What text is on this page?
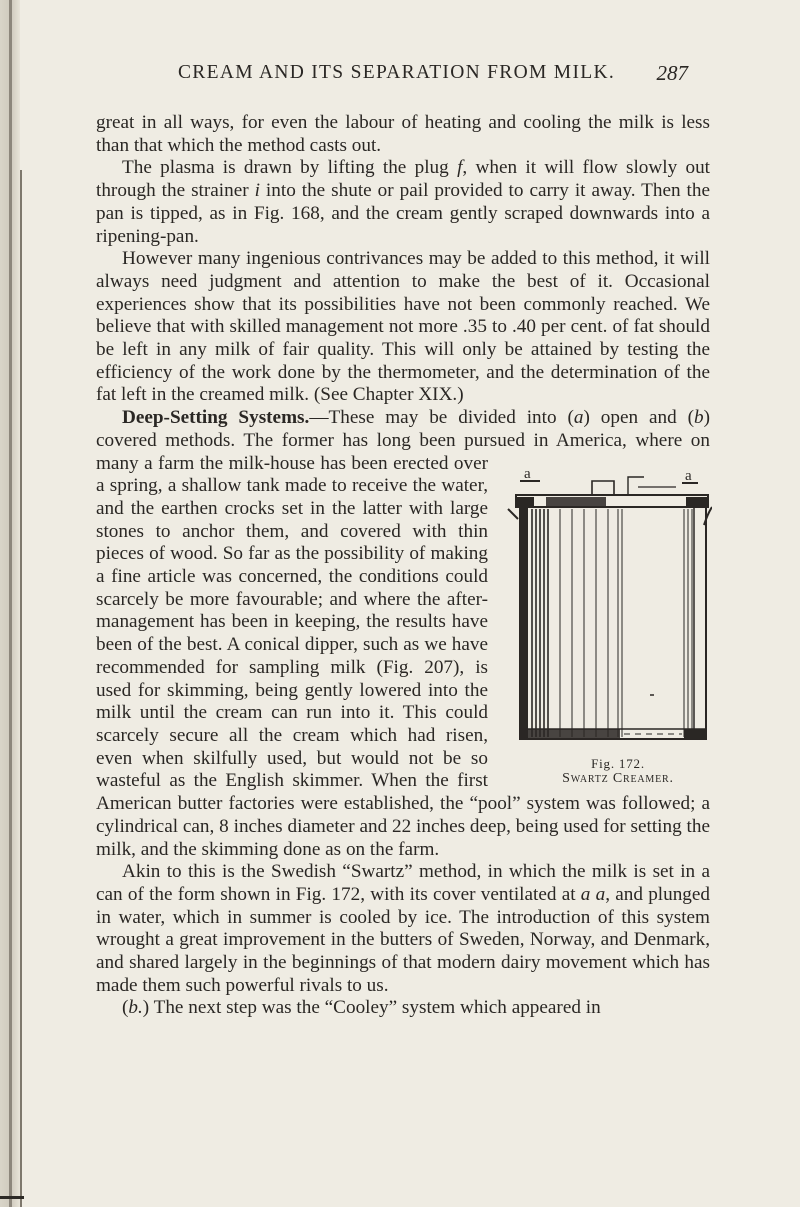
CREAM AND ITS SEPARATION FROM MILK. 287

great in all ways, for even the labour of heating and cooling the milk is less than that which the method casts out.

The plasma is drawn by lifting the plug f, when it will flow slowly out through the strainer i into the shute or pail provided to carry it away. Then the pan is tipped, as in Fig. 168, and the cream gently scraped downwards into a ripening-pan.

However many ingenious contrivances may be added to this method, it will always need judgment and attention to make the best of it. Occasional experiences show that its possibilities have not been commonly reached. We believe that with skilled management not more .35 to .40 per cent. of fat should be left in any milk of fair quality. This will only be attained by testing the efficiency of the work done by the thermometer, and the determination of the fat left in the creamed milk. (See Chapter XIX.)

Deep-Setting Systems.—These may be divided into (a) open and (b) covered methods. The former has long been pursued in America,
a	a
Fig. 172.
Swartz Creamer.
where on many a farm the milk-house has been erected over a spring, a shallow tank made to receive the water, and the earthen crocks set in the latter with large stones to anchor them, and covered with thin pieces of wood. So far as the possibility of making a fine article was concerned, the conditions could scarcely be more favourable; and where the after-management has been in keeping, the results have been of the best. A conical dipper, such as we have recommended for sampling milk (Fig. 207), is used for skimming, being gently lowered into the milk until the cream can run into it. This could scarcely secure all the cream which had risen, even when skilfully used, but would not be so wasteful as the English skimmer. When the first American butter factories were established, the “pool” system was followed; a cylindrical can, 8 inches diameter and 22 inches deep, being used for setting the milk, and the skimming done as on the farm.

Akin to this is the Swedish “Swartz” method, in which the milk is set in a can of the form shown in Fig. 172, with its cover ventilated at a a, and plunged in water, which in summer is cooled by ice. The introduction of this system wrought a great improvement in the butters of Sweden, Norway, and Denmark, and shared largely in the beginnings of that modern dairy movement which has made them such powerful rivals to us.

(b.) The next step was the “Cooley” system which appeared in
